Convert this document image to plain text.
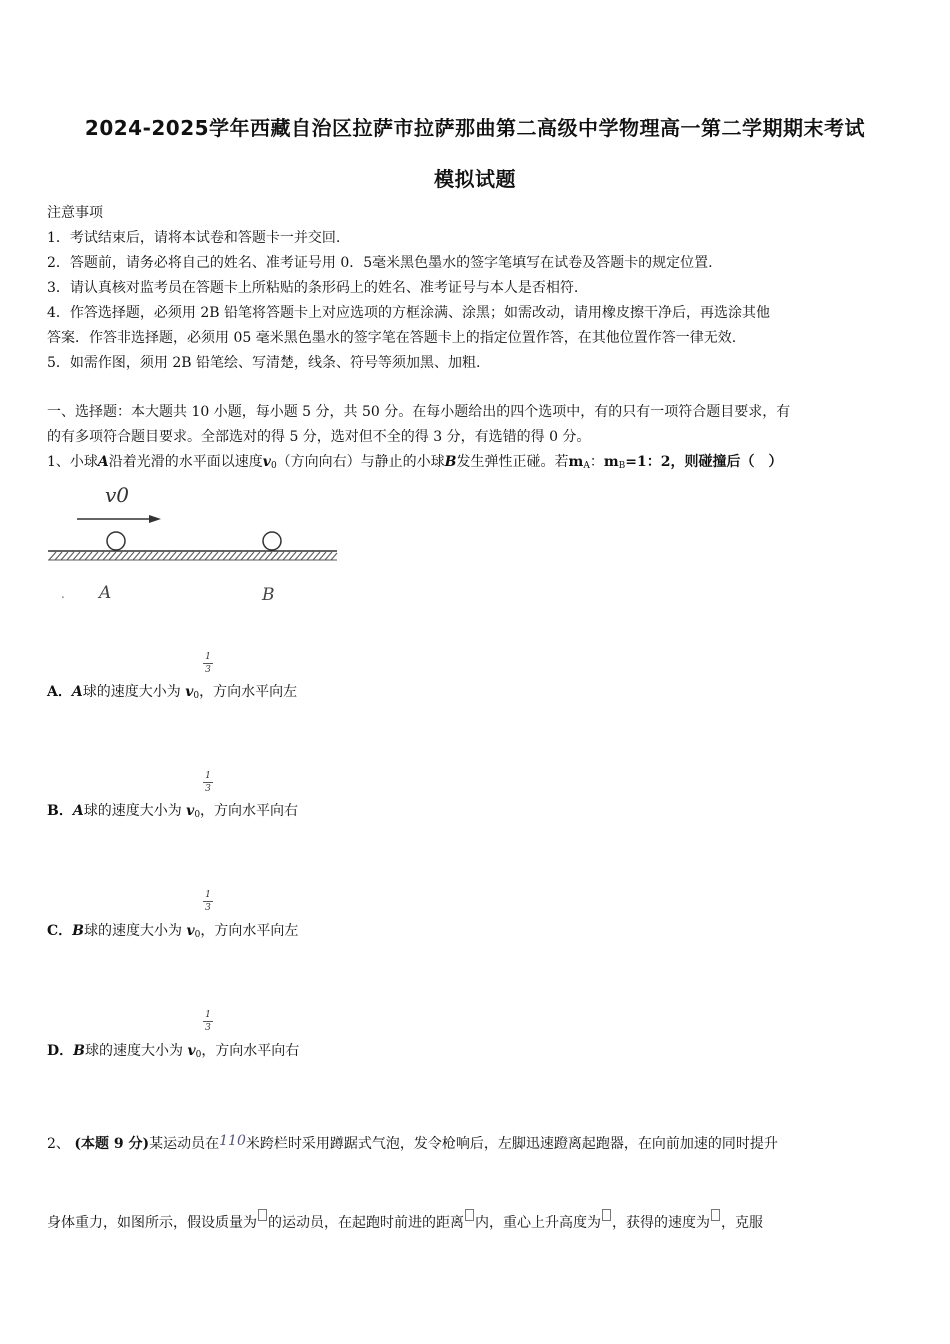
2024-2025学年西藏自治区拉萨市拉萨那曲第二高级中学物理高一第二学期期末考试
模拟试题
注意事项
1．考试结束后，请将本试卷和答题卡一并交回.
2．答题前，请务必将自己的姓名、准考证号用 0．5毫米黑色墨水的签字笔填写在试卷及答题卡的规定位置.
3．请认真核对监考员在答题卡上所粘贴的条形码上的姓名、准考证号与本人是否相符.
4．作答选择题，必须用 2B 铅笔将答题卡上对应选项的方框涂满、涂黑；如需改动，请用橡皮擦干净后，再选涂其他
答案．作答非选择题，必须用 05 毫米黑色墨水的签字笔在答题卡上的指定位置作答，在其他位置作答一律无效.
5．如需作图，须用 2B 铅笔绘、写清楚，线条、符号等须加黑、加粗.
一、选择题：本大题共 10 小题，每小题 5 分，共 50 分。在每小题给出的四个选项中，有的只有一项符合题目要求，有
的有多项符合题目要求。全部选对的得 5 分，选对但不全的得 3 分，有选错的得 0 分。
1、小球A沿着光滑的水平面以速度$v_0$（方向向右）与静止的小球B发生弹性正碰。若$m_A$：$m_B=1$：2，则碰撞后（　）
v0
. A	B
1
3
A．A球的速度大小为 $v_0$，方向水平向左
1
3
B．A球的速度大小为 $v_0$，方向水平向右
1
3
C．B球的速度大小为 $v_0$，方向水平向左
1
3
D．B球的速度大小为 $v_0$，方向水平向右
2、 (本题 9 分)某运动员在110米跨栏时采用蹲踞式气泡，发令枪响后，左脚迅速蹬离起跑器，在向前加速的同时提升
身体重力，如图所示，假设质量为 的运动员，在起跑时前进的距离 内，重心上升高度为 ，获得的速度为 ，克服
